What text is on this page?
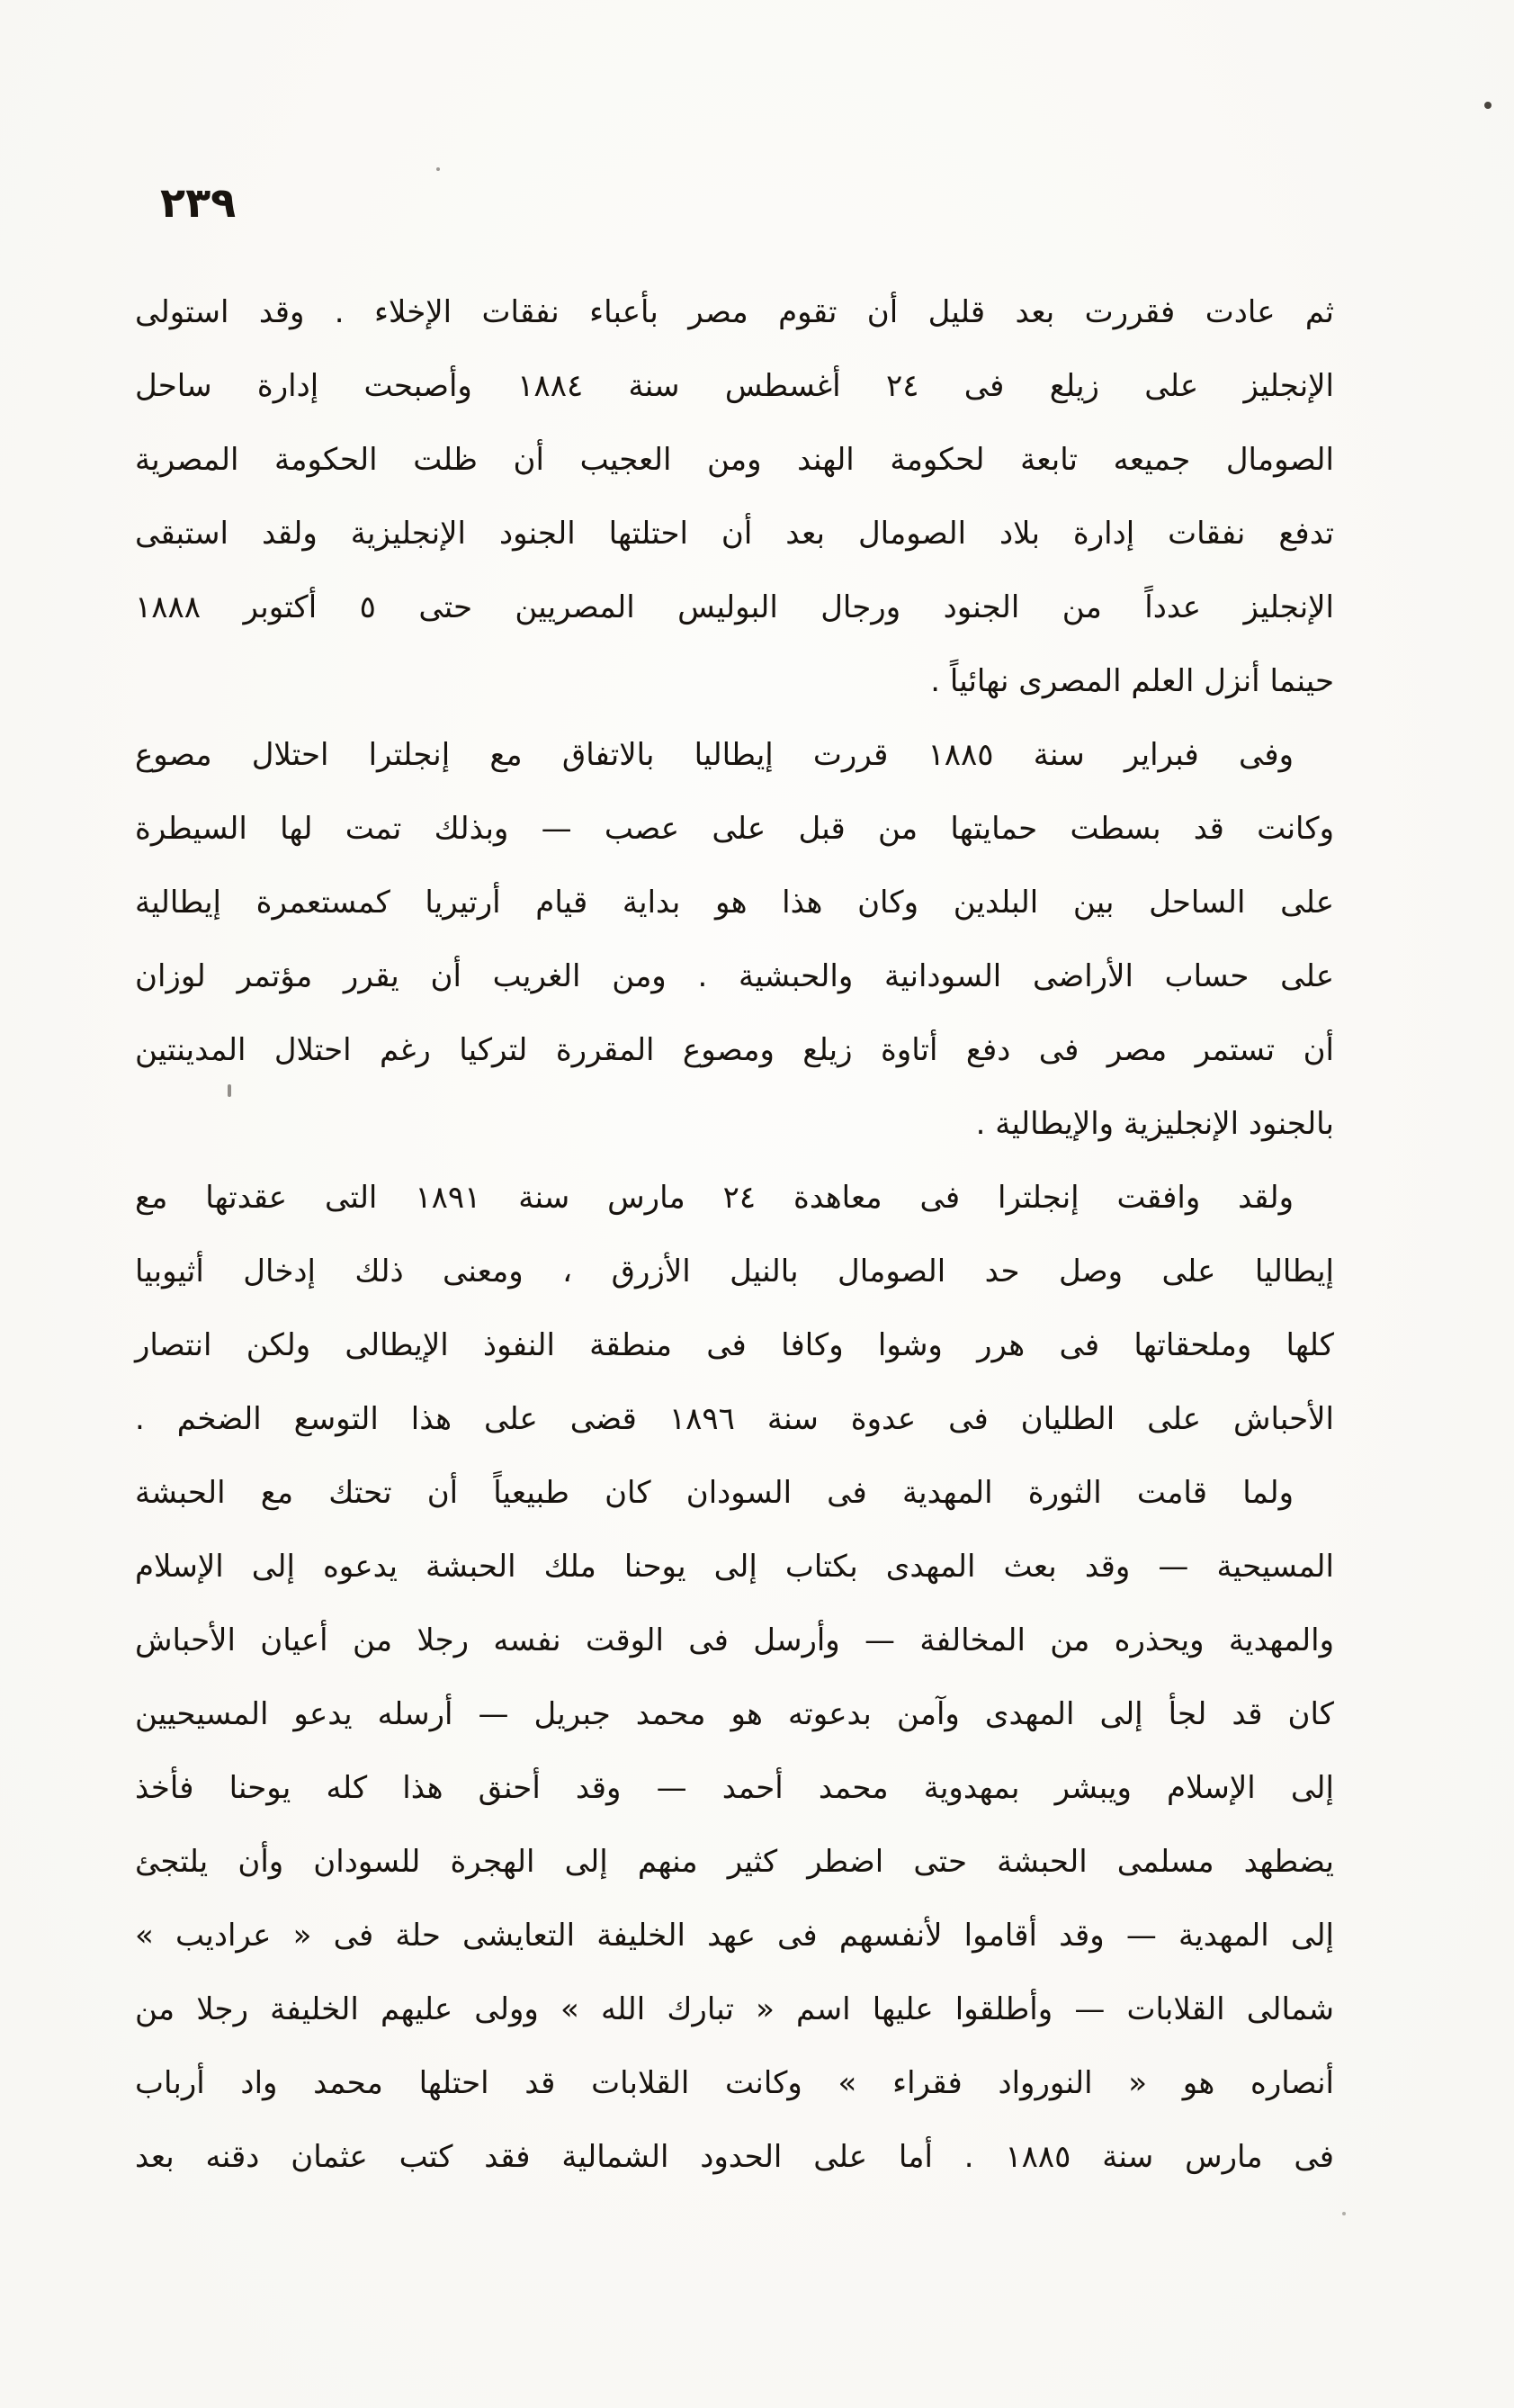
٢٣٩

ثم عادت فقررت بعد قليل أن تقوم مصر بأعباء نفقات الإخلاء . وقد استولى
الإنجليز على زيلع فى ٢٤ أغسطس سنة ١٨٨٤ وأصبحت إدارة ساحل
الصومال جميعه تابعة لحكومة الهند ومن العجيب أن ظلت الحكومة المصرية
تدفع نفقات إدارة بلاد الصومال بعد أن احتلتها الجنود الإنجليزية ولقد استبقى
الإنجليز عدداً من الجنود ورجال البوليس المصريين حتى ٥ أكتوبر ١٨٨٨
حينما أنزل العلم المصرى نهائياً .

وفى فبراير سنة ١٨٨٥ قررت إيطاليا بالاتفاق مع إنجلترا احتلال مصوع
وكانت قد بسطت حمايتها من قبل على عصب — وبذلك تمت لها السيطرة
على الساحل بين البلدين وكان هذا هو بداية قيام أرتيريا كمستعمرة إيطالية
على حساب الأراضى السودانية والحبشية . ومن الغريب أن يقرر مؤتمر لوزان
أن تستمر مصر فى دفع أتاوة زيلع ومصوع المقررة لتركيا رغم احتلال المدينتين
بالجنود الإنجليزية والإيطالية .

ولقد وافقت إنجلترا فى معاهدة ٢٤ مارس سنة ١٨٩١ التى عقدتها مع
إيطاليا على وصل حد الصومال بالنيل الأزرق ، ومعنى ذلك إدخال أثيوبيا
كلها وملحقاتها فى هرر وشوا وكافا فى منطقة النفوذ الإيطالى ولكن انتصار
الأحباش على الطليان فى عدوة سنة ١٨٩٦ قضى على هذا التوسع الضخم .

ولما قامت الثورة المهدية فى السودان كان طبيعياً أن تحتك مع الحبشة
المسيحية — وقد بعث المهدى بكتاب إلى يوحنا ملك الحبشة يدعوه إلى الإسلام
والمهدية ويحذره من المخالفة — وأرسل فى الوقت نفسه رجلا من أعيان الأحباش
كان قد لجأ إلى المهدى وآمن بدعوته هو محمد جبريل — أرسله يدعو المسيحيين
إلى الإسلام ويبشر بمهدوية محمد أحمد — وقد أحنق هذا كله يوحنا فأخذ
يضطهد مسلمى الحبشة حتى اضطر كثير منهم إلى الهجرة للسودان وأن يلتجئ
إلى المهدية — وقد أقاموا لأنفسهم فى عهد الخليفة التعايشى حلة فى « عراديب »
شمالى القلابات — وأطلقوا عليها اسم « تبارك الله » وولى عليهم الخليفة رجلا من
أنصاره هو « النورواد فقراء » وكانت القلابات قد احتلها محمد واد أرباب
فى مارس سنة ١٨٨٥ . أما على الحدود الشمالية فقد كتب عثمان دقنه بعد
